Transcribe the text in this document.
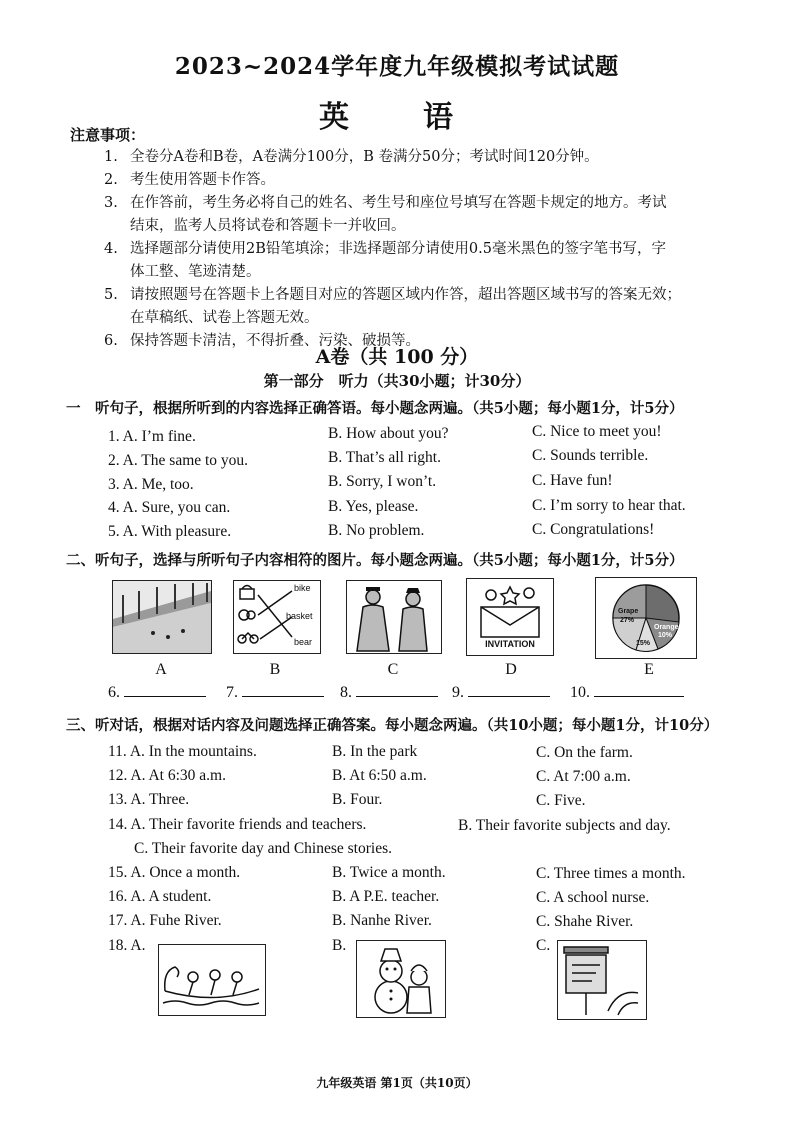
2023~2024学年度九年级模拟考试试题
英　语
注意事项：
1. 全卷分A卷和B卷，A卷满分100分，B 卷满分50分；考试时间120分钟。
2. 考生使用答题卡作答。
3. 在作答前，考生务必将自己的姓名、考生号和座位号填写在答题卡规定的地方。考试
结束，监考人员将试卷和答题卡一并收回。
4. 选择题部分请使用2B铅笔填涂；非选择题部分请使用0.5毫米黑色的签字笔书写，字
体工整、笔迹清楚。
5. 请按照题号在答题卡上各题目对应的答题区域内作答，超出答题区域书写的答案无效；
在草稿纸、试卷上答题无效。
6. 保持答题卡清洁，不得折叠、污染、破损等。
A卷（共 100 分）
第一部分　听力（共30小题；计30分）
一　听句子，根据所听到的内容选择正确答语。每小题念两遍。（共5小题；每小题1分，计5分）
1. A. I’m fine.	B. How about you?	C. Nice to meet you!
2. A. The same to you.	B. That’s all right.	C. Sounds terrible.
3. A. Me, too.	B. Sorry, I won’t.	C. Have fun!
4. A. Sure, you can.	B. Yes, please.	C. I’m sorry to hear that.
5. A. With pleasure.	B. No problem.	C. Congratulations!
二、听句子，选择与所听句子内容相符的图片。每小题念两遍。（共5小题；每小题1分，计5分）
bike
basket
bear	INVITATION
Grape
27%
Orange
10%
15%
A	B	C	D	E
6.	7.	8.	9.	10.
三、听对话，根据对话内容及问题选择正确答案。每小题念两遍。（共10小题；每小题1分，计10分）
11. A. In the mountains.	B. In the park	C. On the farm.
12. A. At 6:30 a.m.	B. At 6:50 a.m.	C. At 7:00 a.m.
13. A. Three.	B. Four.	C. Five.
14. A. Their favorite friends and teachers.	B. Their favorite subjects and day.
C. Their favorite day and Chinese stories.
15. A. Once a month.	B. Twice a month.	C. Three times a month.
16. A. A student.	B. A P.E. teacher.	C. A school nurse.
17. A. Fuhe River.	B. Nanhe River.	C. Shahe River.
18. A.	B.	C.
九年级英语 第1页（共10页）
